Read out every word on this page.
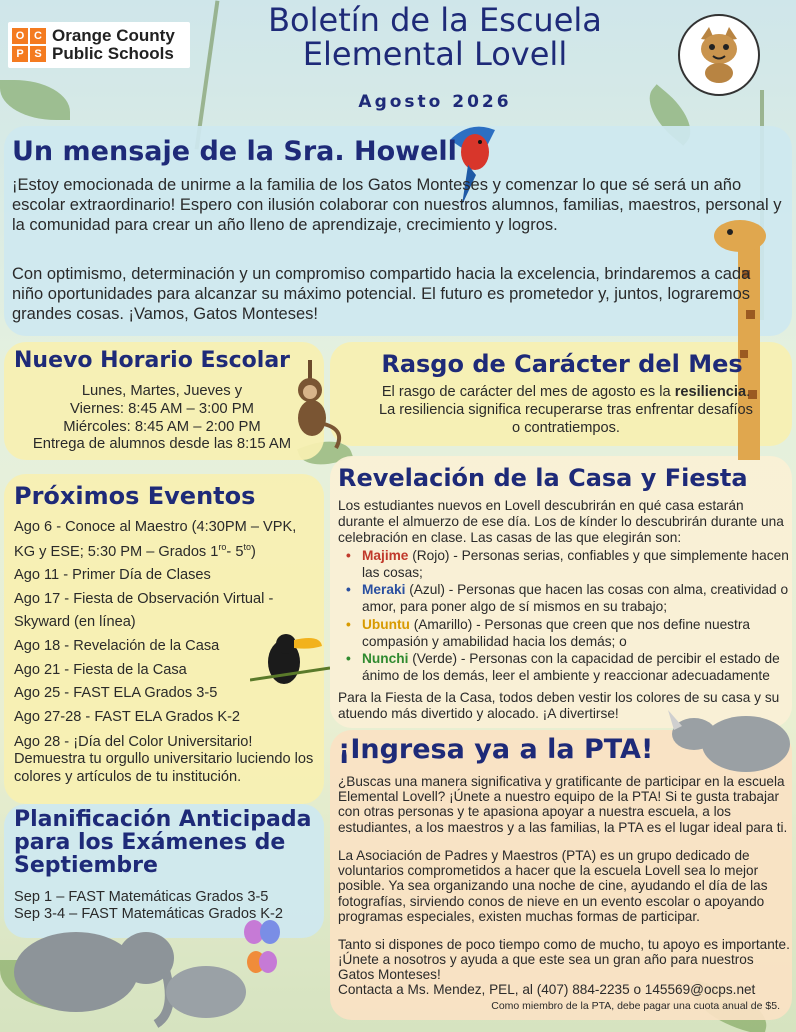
O C
P S
Orange County
Public Schools
Boletín de la Escuela
Elemental Lovell
Agosto 2026
Un mensaje de la Sra. Howell

¡Estoy emocionada de unirme a la familia de los Gatos Monteses y comenzar lo que sé será un año escolar extraordinario! Espero con ilusión colaborar con nuestros alumnos, familias, maestros, personal y la comunidad para crear un año lleno de aprendizaje, crecimiento y logros.

Con optimismo, determinación y un compromiso compartido hacia la excelencia, brindaremos a cada niño oportunidades para alcanzar su máximo potencial. El futuro es prometedor y, juntos, lograremos grandes cosas. ¡Vamos, Gatos Monteses!

Nuevo Horario Escolar
Lunes, Martes, Jueves y
Viernes: 8:45 AM – 3:00 PM
Miércoles: 8:45 AM – 2:00 PM
Entrega de alumnos desde las 8:15 AM
Rasgo de Carácter del Mes

El rasgo de carácter del mes de agosto es la resiliencia. La resiliencia significa recuperarse tras enfrentar desafíos o contratiempos.

Próximos Eventos
Ago 6 - Conoce al Maestro (4:30PM – VPK, KG y ESE; 5:30 PM – Grados $1^{ro}-$ $5^{to}$)
Ago 11 - Primer Día de Clases
Ago 17 - Fiesta de Observación Virtual - Skyward (en línea)
Ago 18 - Revelación de la Casa
Ago 21 - Fiesta de la Casa
Ago 25 - FAST ELA Grados 3-5
Ago 27-28 - FAST ELA Grados K-2
Ago 28 - ¡Día del Color Universitario! Demuestra tu orgullo universitario luciendo los colores y artículos de tu institución.
Planificación Anticipada para los Exámenes de Septiembre
Sep 1 – FAST Matemáticas Grados 3-5
Sep 3-4 – FAST Matemáticas Grados K-2
Revelación de la Casa y Fiesta

Los estudiantes nuevos en Lovell descubrirán en qué casa estarán durante el almuerzo de ese día. Los de kínder lo descubrirán durante una celebración en clase. Las casas de las que elegirán son:

• Majime (Rojo) - Personas serias, confiables y que simplemente hacen las cosas;
• Meraki (Azul) - Personas que hacen las cosas con alma, creatividad o amor, para poner algo de sí mismos en su trabajo;
• Ubuntu (Amarillo) - Personas que creen que nos define nuestra compasión y amabilidad hacia los demás; o
• Nunchi (Verde) - Personas con la capacidad de percibir el estado de ánimo de los demás, leer el ambiente y reaccionar adecuadamente

Para la Fiesta de la Casa, todos deben vestir los colores de su casa y su atuendo más divertido y alocado. ¡A divertirse!

¡Ingresa ya a la PTA!

¿Buscas una manera significativa y gratificante de participar en la escuela Elemental Lovell? ¡Únete a nuestro equipo de la PTA! Si te gusta trabajar con otras personas y te apasiona apoyar a nuestra escuela, a los estudiantes, a los maestros y a las familias, la PTA es el lugar ideal para ti.

La Asociación de Padres y Maestros (PTA) es un grupo dedicado de voluntarios comprometidos a hacer que la escuela Lovell sea lo mejor posible. Ya sea organizando una noche de cine, ayudando el día de las fotografías, sirviendo conos de nieve en un evento escolar o apoyando programas especiales, existen muchas formas de participar.

Tanto si dispones de poco tiempo como de mucho, tu apoyo es importante. ¡Únete a nosotros y ayuda a que este sea un gran año para nuestros Gatos Monteses!

Contacta a Ms. Mendez, PEL, al (407) 884-2235 o 145569@ocps.net

Como miembro de la PTA, debe pagar una cuota anual de $5.
